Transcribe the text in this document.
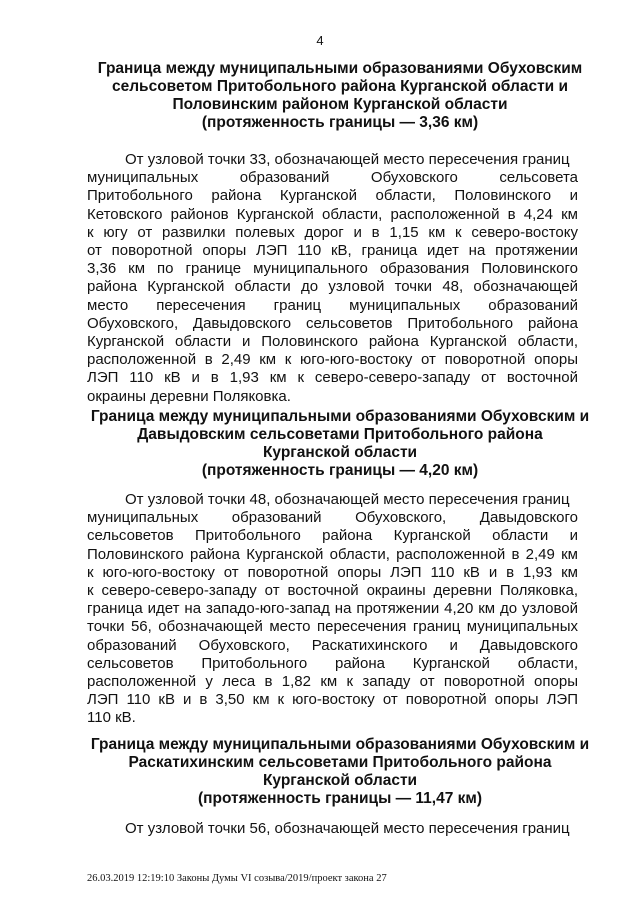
4
Граница между муниципальными образованиями Обуховским
сельсоветом Притобольного района Курганской области и
Половинским районом Курганской области
(протяженность границы — 3,36 км)

От узловой точки 33, обозначающей место пересечения границ
муниципальных образований Обуховского сельсовета
Притобольного района Курганской области, Половинского и
Кетовского районов Курганской области, расположенной в 4,24 км
к югу от развилки полевых дорог и в 1,15 км к северо-востоку
от поворотной опоры ЛЭП 110 кВ, граница идет на протяжении
3,36 км по границе муниципального образования Половинского
района Курганской области до узловой точки 48, обозначающей
место пересечения границ муниципальных образований
Обуховского, Давыдовского сельсоветов Притобольного района
Курганской области и Половинского района Курганской области,
расположенной в 2,49 км к юго-юго-востоку от поворотной опоры
ЛЭП 110 кВ и в 1,93 км к северо-северо-западу от восточной
окраины деревни Поляковка.

Граница между муниципальными образованиями Обуховским и
Давыдовским сельсоветами Притобольного района
Курганской области
(протяженность границы — 4,20 км)

От узловой точки 48, обозначающей место пересечения границ
муниципальных образований Обуховского, Давыдовского
сельсоветов Притобольного района Курганской области и
Половинского района Курганской области, расположенной в 2,49 км
к юго-юго-востоку от поворотной опоры ЛЭП 110 кВ и в 1,93 км
к северо-северо-западу от восточной окраины деревни Поляковка,
граница идет на западо-юго-запад на протяжении 4,20 км до узловой
точки 56, обозначающей место пересечения границ муниципальных
образований Обуховского, Раскатихинского и Давыдовского
сельсоветов Притобольного района Курганской области,
расположенной у леса в 1,82 км к западу от поворотной опоры
ЛЭП 110 кВ и в 3,50 км к юго-востоку от поворотной опоры ЛЭП
110 кВ.

Граница между муниципальными образованиями Обуховским и
Раскатихинским сельсоветами Притобольного района
Курганской области
(протяженность границы — 11,47 км)

От узловой точки 56, обозначающей место пересечения границ

26.03.2019 12:19:10 Законы Думы VI созыва/2019/проект закона 27
